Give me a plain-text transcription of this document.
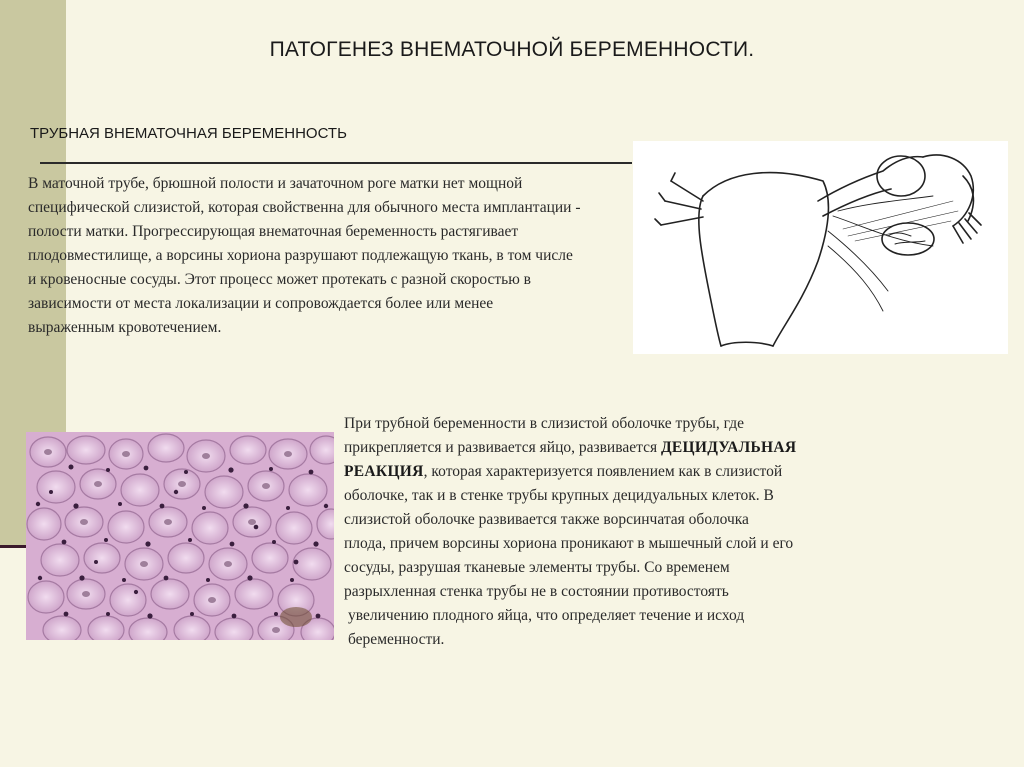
ПАТОГЕНЕЗ ВНЕМАТОЧНОЙ БЕРЕМЕННОСТИ.
ТРУБНАЯ ВНЕМАТОЧНАЯ БЕРЕМЕННОСТЬ
В маточной трубе, брюшной полости и зачаточном роге матки нет мощной специфической слизистой, которая свойственна для обычного места имплантации - полости матки. Прогрессирующая внематочная беременность растягивает плодовместилище, а ворсины хориона разрушают подлежащую ткань, в том числе и кровеносные сосуды. Этот процесс может протекать с разной скоростью в зависимости от места локализации и сопровождается более или менее выраженным кровотечением.
При трубной беременности в слизистой оболочке трубы, где
прикрепляется и развивается яйцо, развивается ДЕЦИДУАЛЬНАЯ
РЕАКЦИЯ, которая характеризуется появлением как в слизистой
оболочке, так и в стенке трубы крупных децидуальных клеток. В
слизистой оболочке развивается также ворсинчатая оболочка
плода, причем ворсины хориона проникают в мышечный слой и его
сосуды, разрушая тканевые элементы трубы. Со временем
разрыхленная стенка трубы не в состоянии противостоять
увеличению плодного яйца, что определяет течение и исход
беременности.
